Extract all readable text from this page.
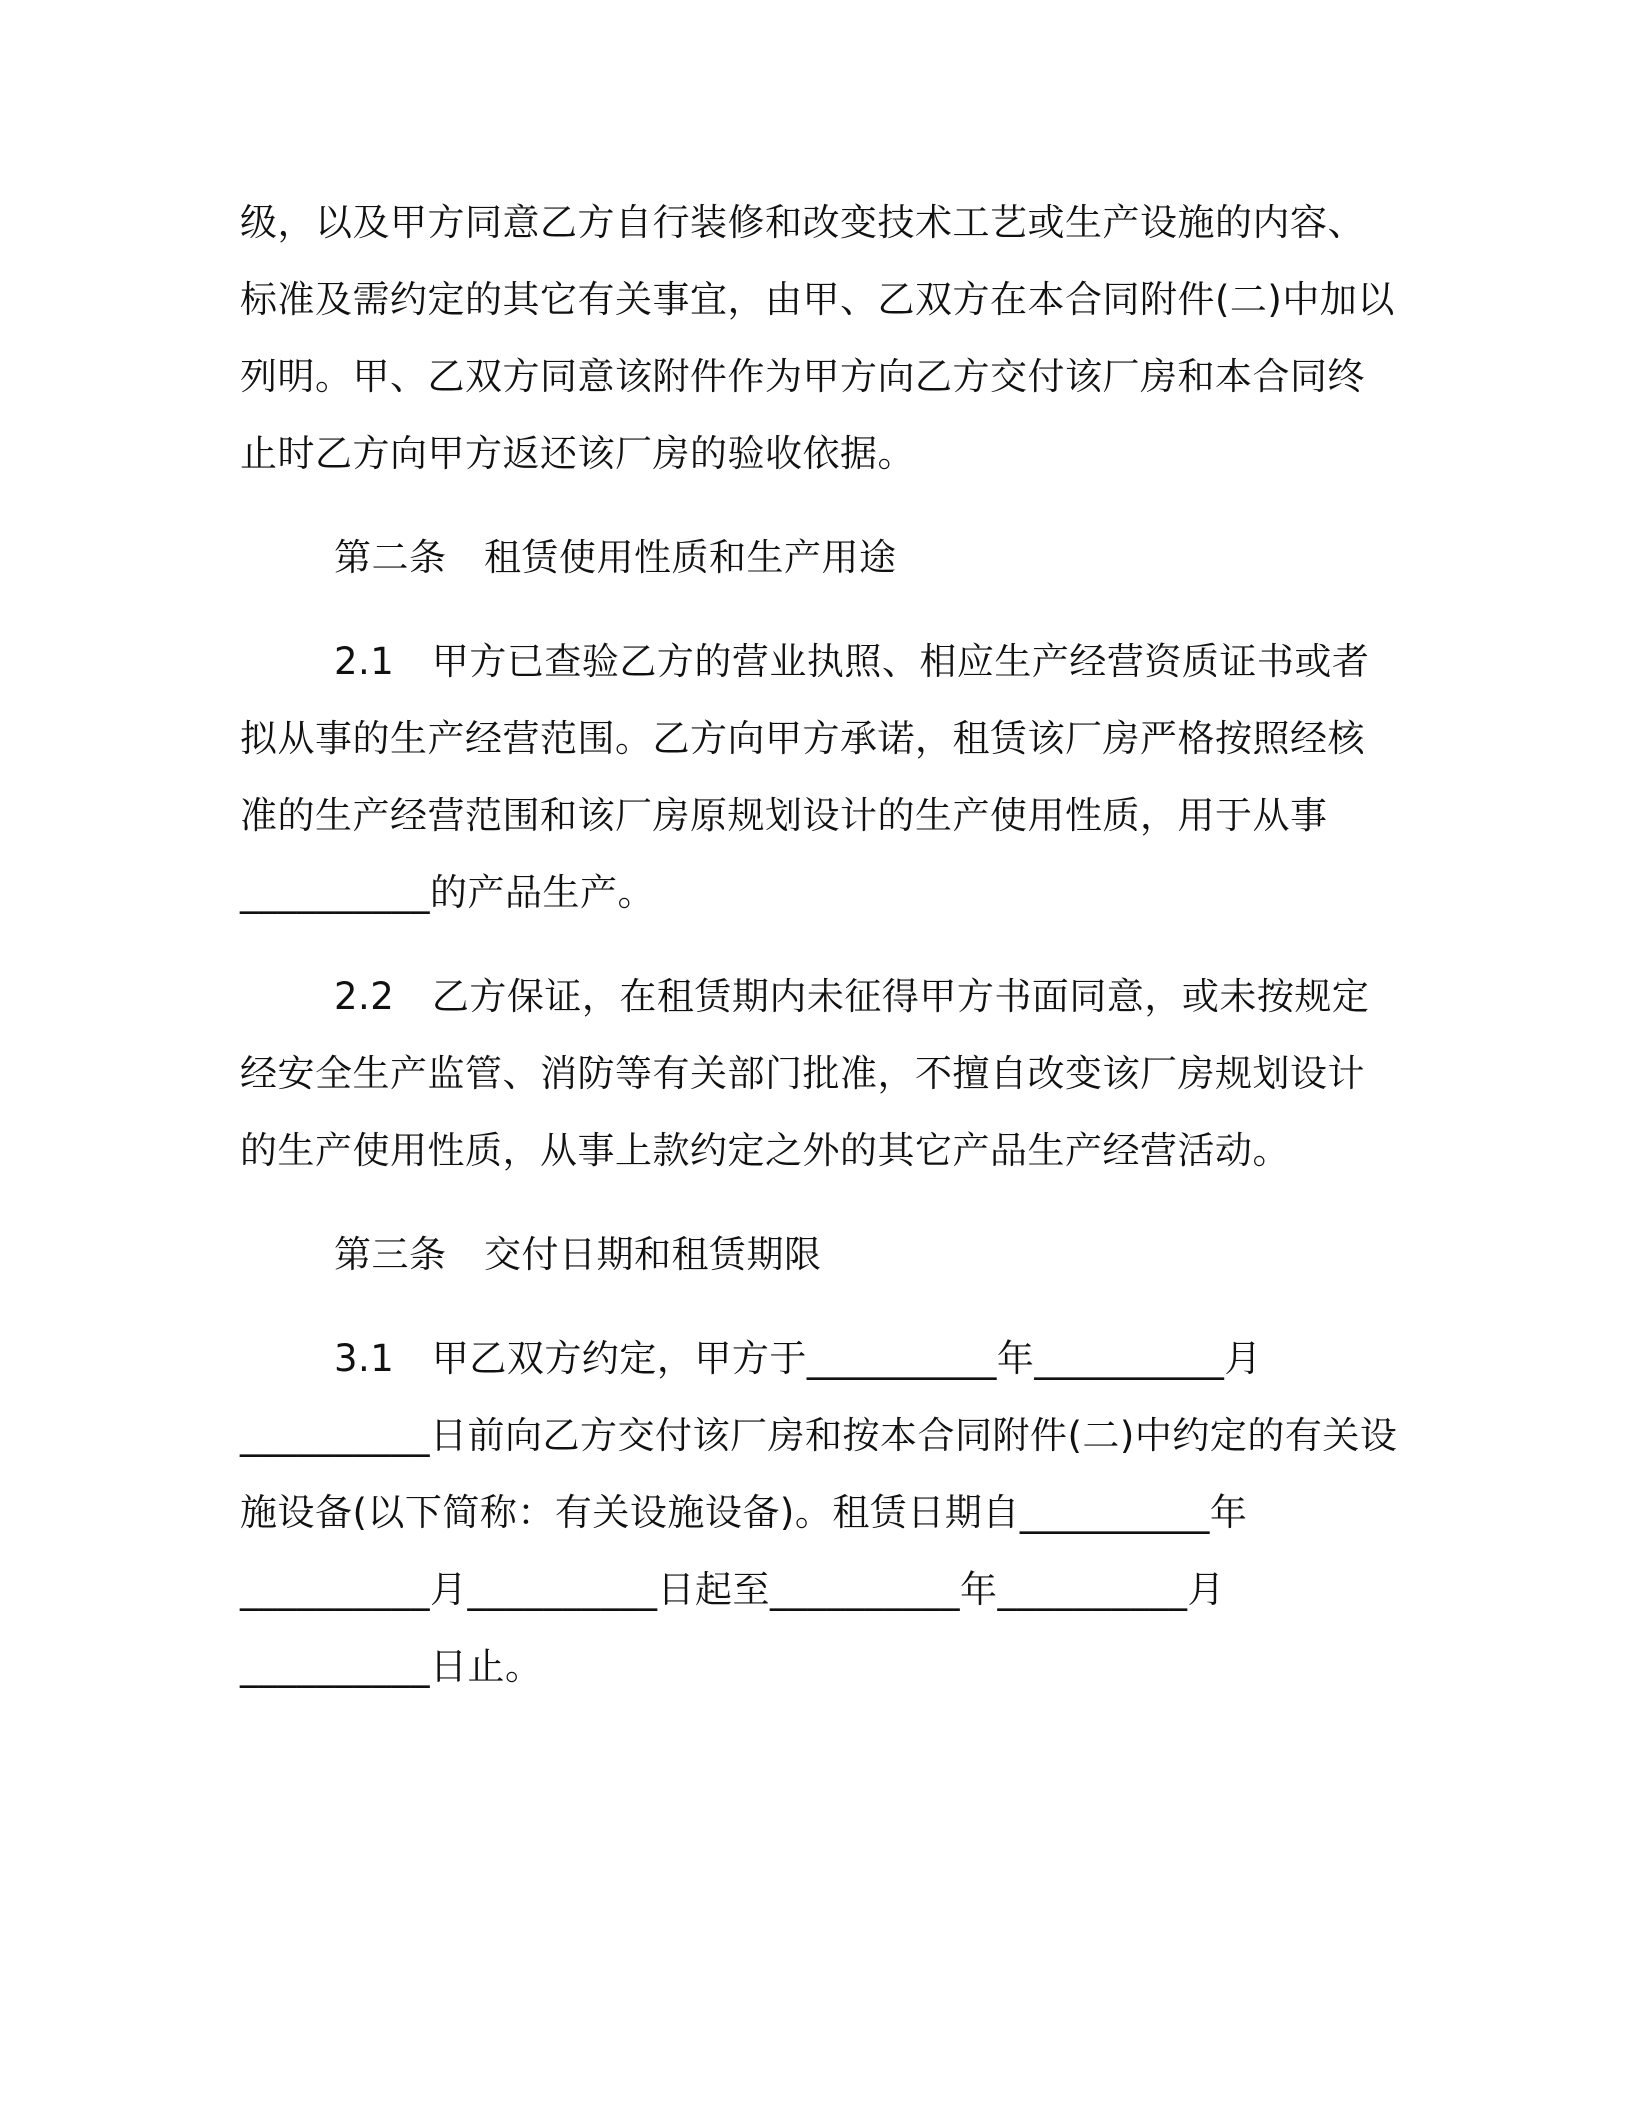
级，以及甲方同意乙方自行装修和改变技术工艺或生产设施的内容、
标准及需约定的其它有关事宜，由甲、乙双方在本合同附件(二)中加以
列明。甲、乙双方同意该附件作为甲方向乙方交付该厂房和本合同终
止时乙方向甲方返还该厂房的验收依据。
第二条　租赁使用性质和生产用途
2.1　甲方已查验乙方的营业执照、相应生产经营资质证书或者
拟从事的生产经营范围。乙方向甲方承诺，租赁该厂房严格按照经核
准的生产经营范围和该厂房原规划设计的生产使用性质，用于从事
__________的产品生产。
2.2　乙方保证，在租赁期内未征得甲方书面同意，或未按规定
经安全生产监管、消防等有关部门批准，不擅自改变该厂房规划设计
的生产使用性质，从事上款约定之外的其它产品生产经营活动。
第三条　交付日期和租赁期限
3.1　甲乙双方约定，甲方于__________年__________月
__________日前向乙方交付该厂房和按本合同附件(二)中约定的有关设
施设备(以下简称：有关设施设备)。租赁日期自__________年
__________月__________日起至__________年__________月
__________日止。
